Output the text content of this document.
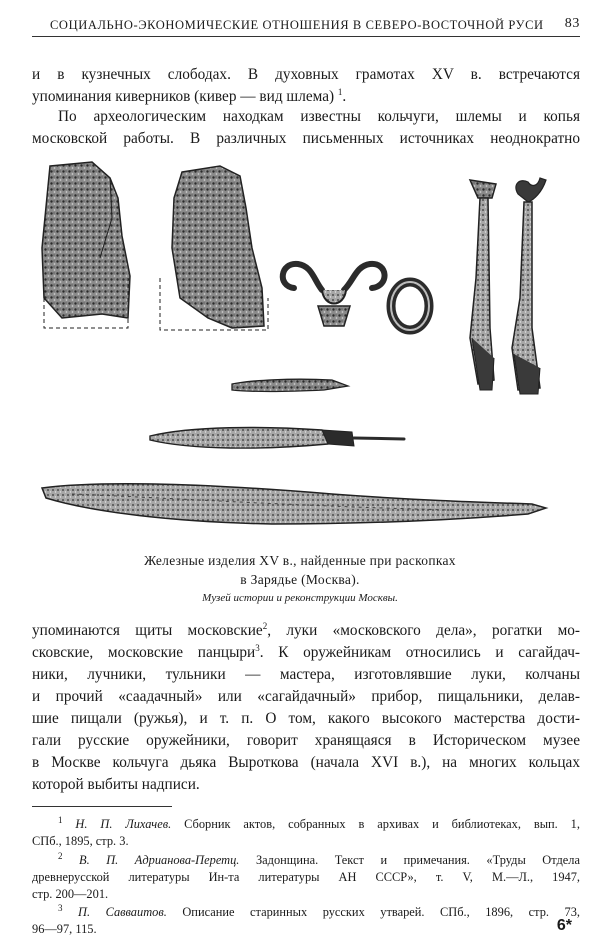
СОЦИАЛЬНО-ЭКОНОМИЧЕСКИЕ ОТНОШЕНИЯ В СЕВЕРО-ВОСТОЧНОЙ РУСИ 83

и в кузнечных слободах. В духовных грамотах XV в. встречаются
упоминания киверников (кивер — вид шлема) $^1$.

По археологическим находкам известны кольчуги, шлемы и копья
московской работы. В различных письменных источниках неоднократно

Железные изделия XV в., найденные при раскопках
в Зарядье (Москва).
Музей истории и реконструкции Москвы.

упоминаются щиты московские$^2$, луки «московского дела», рогатки мо-
сковские, московские панцыри$^3$. К оружейникам относились и сагайдач-
ники, лучники, тульники — мастера, изготовлявшие луки, колчаны
и прочий «саадачный» или «сагайдачный» прибор, пищальники, делав-
шие пищали (ружья), и т. п. О том, какого высокого мастерства дости-
гали русские оружейники, говорит хранящаяся в Историческом музее
в Москве кольчуга дьяка Выроткова (начала XVI в.), на многих кольцах
которой выбиты надписи.

$^1$ Н. П. Лихачев. Сборник актов, собранных в архивах и библиотеках, вып. 1,
СПб., 1895, стр. 3.

$^2$ В. П. Адрианова-Перетц. Задонщина. Текст и примечания. «Труды Отдела
древнерусской литературы Ин-та литературы АН СССР», т. V, М.—Л., 1947,
стр. 200—201.

$^3$ П. Савваитов. Описание старинных русских утварей. СПб., 1896, стр. 73,
96—97, 115.	6*
